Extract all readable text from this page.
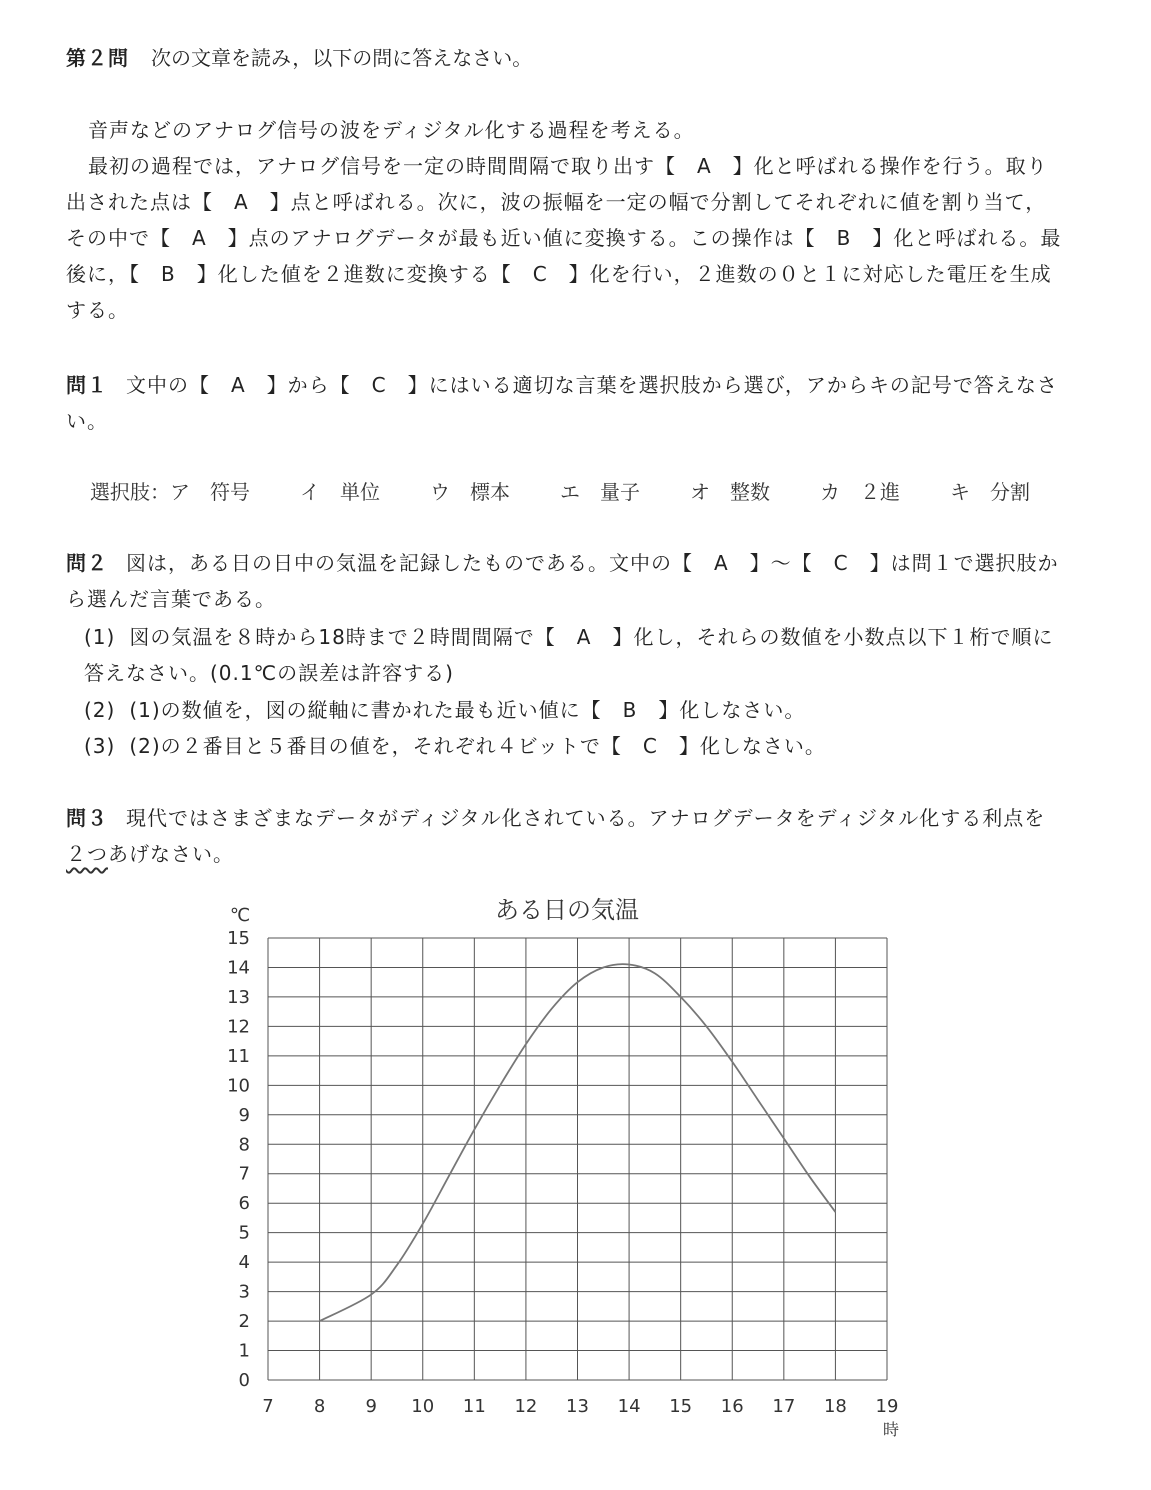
第２問 次の文章を読み，以下の問に答えなさい。

音声などのアナログ信号の波をディジタル化する過程を考える。

最初の過程では，アナログ信号を一定の時間間隔で取り出す【　A　】化と呼ばれる操作を行う。取り出された点は【　A　】点と呼ばれる。次に，波の振幅を一定の幅で分割してそれぞれに値を割り当て，その中で【　A　】点のアナログデータが最も近い値に変換する。この操作は【　B　】化と呼ばれる。最後に，【　B　】化した値を２進数に変換する【　C　】化を行い，２進数の０と１に対応した電圧を生成する。

問１ 文中の【　A　】から【　C　】にはいる適切な言葉を選択肢から選び，アからキの記号で答えなさい。
選択肢： ア　符号	イ　単位	ウ　標本	エ　量子	オ　整数	カ　２進	キ　分割
問２ 図は，ある日の日中の気温を記録したものである。文中の【　A　】～【　C　】は問１で選択肢から選んだ言葉である。
(1) 図の気温を８時から18時まで２時間間隔で【　A　】化し，それらの数値を小数点以下１桁で順に答えなさい。(0.1℃の誤差は許容する)
(2) (1)の数値を，図の縦軸に書かれた最も近い値に【　B　】化しなさい。
(3) (2)の２番目と５番目の値を，それぞれ４ビットで【　C　】化しなさい。
問３ 現代ではさまざまなデータがディジタル化されている。アナログデータをディジタル化する利点を２つあげなさい。
ある日の気温
℃
7 8 9 10 11 12 13 14 15 16 17 18 19
0
1
2
3
4
5
6
7
8
9
10
11
12
13
14
15
時
